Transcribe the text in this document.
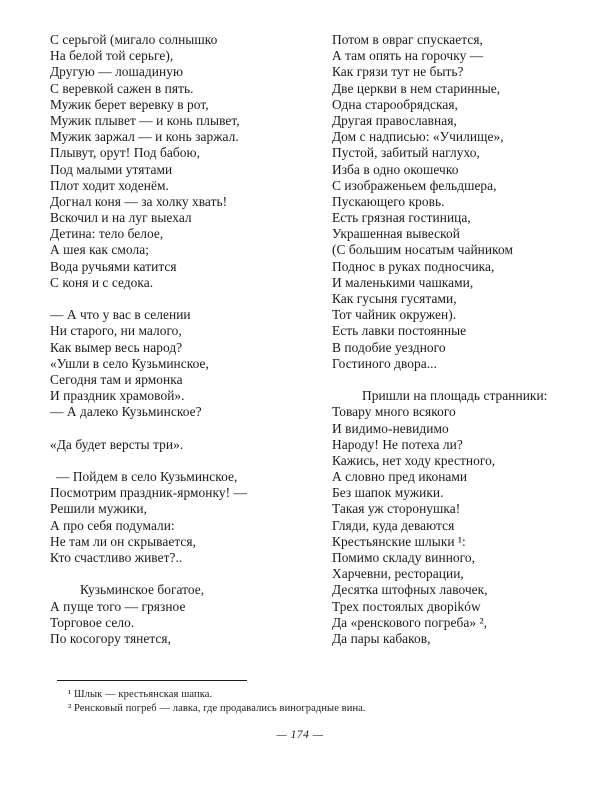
С серьгой (мигало солнышко
На белой той серьге),
Другую — лошадиную
С веревкой сажен в пять.
Мужик берет веревку в рот,
Мужик плывет — и конь плывет,
Мужик заржал — и конь заржал.
Плывут, орут! Под бабою,
Под малыми утятами
Плот ходит ходенём.
Догнал коня — за холку хвать!
Вскочил и на луг выехал
Детина: тело белое,
А шея как смола;
Вода ручьями катится
С коня и с седока.
— А что у вас в селении
Ни старого, ни малого,
Как вымер весь народ?
«Ушли в село Кузьминское,
Сегодня там и ярмонка
И праздник храмовой».
— А далеко Кузьминское?
«Да будет версты три».
— Пойдем в село Кузьминское,
Посмотрим праздник-ярмонку! —
Решили мужики,
А про себя подумали:
Не там ли он скрывается,
Кто счастливо живет?..
Кузьминское богатое,
А пуще того — грязное
Торговое село.
По косогору тянется,
Потом в овраг спускается,
А там опять на горочку —
Как грязи тут не быть?
Две церкви в нем старинные,
Одна старообрядская,
Другая православная,
Дом с надписью: «Училище»,
Пустой, забитый наглухо,
Изба в одно окошечко
С изображеньем фельдшера,
Пускающего кровь.
Есть грязная гостиница,
Украшенная вывеской
(С большим носатым чайником
Поднос в руках подносчика,
И маленькими чашками,
Как гусыня гусятами,
Тот чайник окружен).
Есть лавки постоянные
В подобие уездного
Гостиного двора...
Пришли на площадь странники:
Товару много всякого
И видимо-невидимо
Народу! Не потеха ли?
Кажись, нет ходу крестного,
А словно пред иконами
Без шапок мужики.
Такая уж сторонушка!
Гляди, куда деваются
Крестьянские шлыки ¹:
Помимо складу винного,
Харчевни, ресторации,
Десятка штофных лавочек,
Трех постоялых дворików
Да «ренскового погреба» ²,
Да пары кабаков,
¹ Шлык — крестьянская шапка.
² Ренсковый погреб — лавка, где продавались виноградные вина.
— 174 —
